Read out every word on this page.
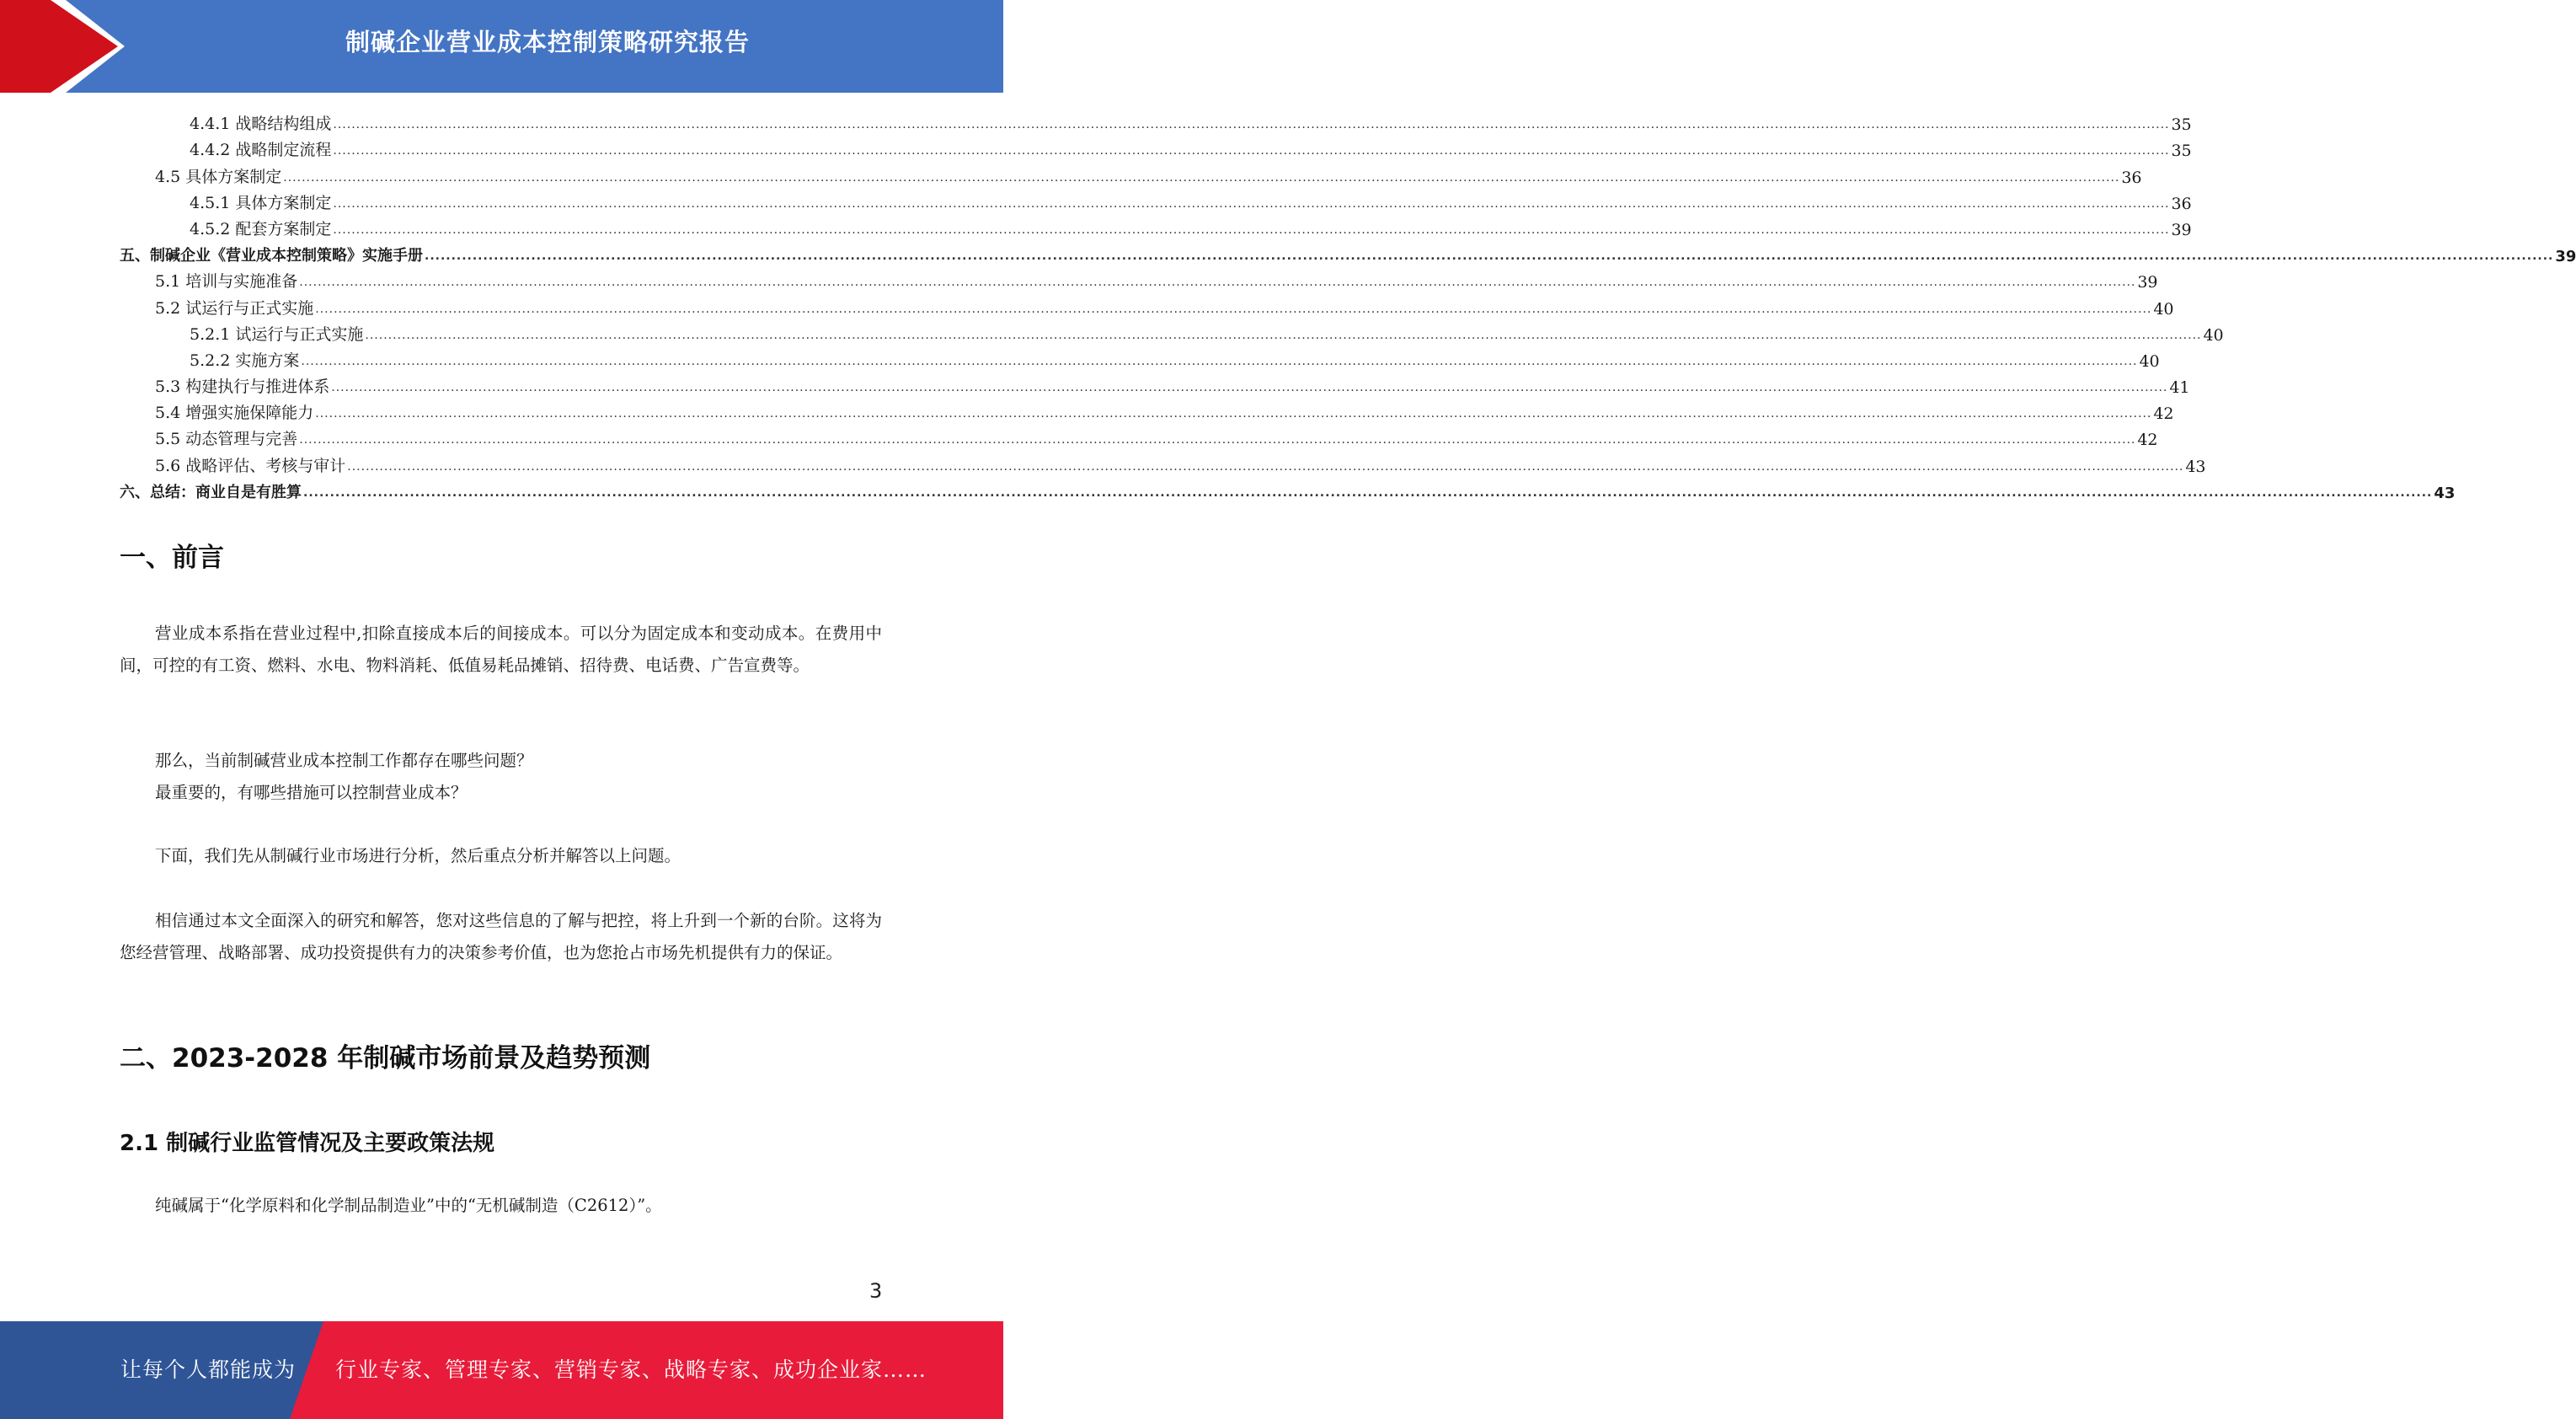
制碱企业营业成本控制策略研究报告
4.4.1 战略结构组成 ................................................................................................................................................................................................................................................................................................................................................................................................................ 35
4.4.2 战略制定流程 ................................................................................................................................................................................................................................................................................................................................................................................................................ 35
4.5 具体方案制定 ................................................................................................................................................................................................................................................................................................................................................................................................................ 36
4.5.1 具体方案制定 ................................................................................................................................................................................................................................................................................................................................................................................................................ 36
4.5.2 配套方案制定 ................................................................................................................................................................................................................................................................................................................................................................................................................ 39
五、制碱企业《营业成本控制策略》实施手册 ................................................................................................................................................................................................................................................................................................................................................................................................................ 39
5.1 培训与实施准备 ................................................................................................................................................................................................................................................................................................................................................................................................................ 39
5.2 试运行与正式实施 ................................................................................................................................................................................................................................................................................................................................................................................................................ 40
5.2.1 试运行与正式实施 ................................................................................................................................................................................................................................................................................................................................................................................................................ 40
5.2.2 实施方案 ................................................................................................................................................................................................................................................................................................................................................................................................................ 40
5.3 构建执行与推进体系 ................................................................................................................................................................................................................................................................................................................................................................................................................ 41
5.4 增强实施保障能力 ................................................................................................................................................................................................................................................................................................................................................................................................................ 42
5.5 动态管理与完善 ................................................................................................................................................................................................................................................................................................................................................................................................................ 42
5.6 战略评估、考核与审计 ................................................................................................................................................................................................................................................................................................................................................................................................................ 43
六、总结：商业自是有胜算 ................................................................................................................................................................................................................................................................................................................................................................................................................ 43
一、前言

营业成本系指在营业过程中,扣除直接成本后的间接成本。可以分为固定成本和变动成本。在费用中间，可控的有工资、燃料、水电、物料消耗、低值易耗品摊销、招待费、电话费、广告宣费等。

那么，当前制碱营业成本控制工作都存在哪些问题？

最重要的，有哪些措施可以控制营业成本？

下面，我们先从制碱行业市场进行分析，然后重点分析并解答以上问题。

相信通过本文全面深入的研究和解答，您对这些信息的了解与把控，将上升到一个新的台阶。这将为您经营管理、战略部署、成功投资提供有力的决策参考价值，也为您抢占市场先机提供有力的保证。

二、2023-2028 年制碱市场前景及趋势预测
2.1 制碱行业监管情况及主要政策法规

纯碱属于“化学原料和化学制品制造业”中的“无机碱制造（C2612）”。

3
让每个人都能成为 行业专家、管理专家、营销专家、战略专家、成功企业家……
